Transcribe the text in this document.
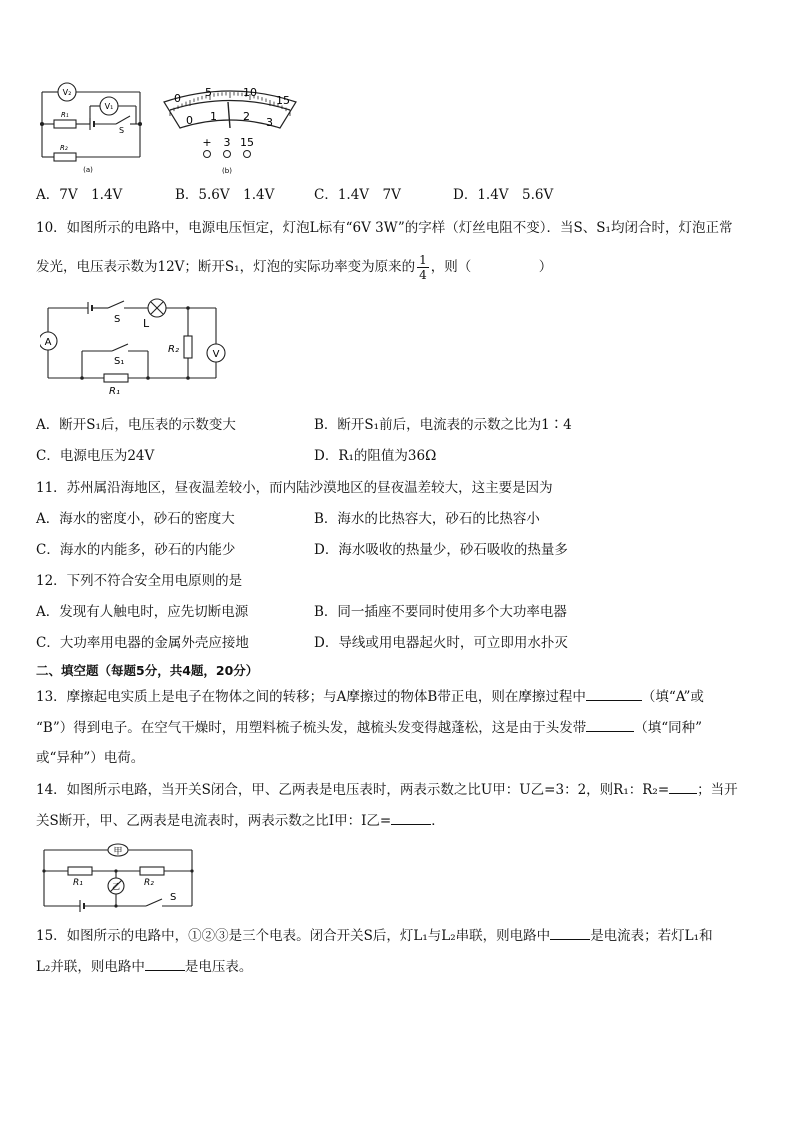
V₂
V₁
R₁
R₂
S
(a)
0 5	10
15
0 1 2 3
+ 3 15
(b)
A．7V　1.4V	B．5.6V　1.4V	C．1.4V　7V	D．1.4V　5.6V
10．如图所示的电路中，电源电压恒定，灯泡L标有“6V 3W”的字样（灯丝电阻不变）．当S、S₁均闭合时，灯泡正常
发光，电压表示数为12V；断开S₁，灯泡的实际功率变为原来的 $\frac{1}{4}$ ，则（　　　　　）
A
V
S L
S₁
R₁
R₂
A．断开S₁后，电压表的示数变大	B．断开S₁前后，电流表的示数之比为1∶4
C．电源电压为24V	D．R₁的阻值为36Ω
11．苏州属沿海地区，昼夜温差较小，而内陆沙漠地区的昼夜温差较大，这主要是因为
A．海水的密度小，砂石的密度大	B．海水的比热容大，砂石的比热容小
C．海水的内能多，砂石的内能少	D．海水吸收的热量少，砂石吸收的热量多
12．下列不符合安全用电原则的是
A．发现有人触电时，应先切断电源	B．同一插座不要同时使用多个大功率电器
C．大功率用电器的金属外壳应接地	D．导线或用电器起火时，可立即用水扑灭
二、填空题（每题5分，共4题，20分）
13．摩擦起电实质上是电子在物体之间的转移；与A摩擦过的物体B带正电，则在摩擦过程中	（填“A”或
“B”）得到电子。在空气干燥时，用塑料梳子梳头发，越梳头发变得越蓬松，这是由于头发带	（填“同种”
或“异种”）电荷。
14．如图所示电路，当开关S闭合，甲、乙两表是电压表时，两表示数之比U甲：U乙=3：2，则R₁：R₂= ；当开
关S断开，甲、乙两表是电流表时，两表示数之比I甲：I乙=	．
甲
乙
R₁	R₂
S
15．如图所示的电路中，①②③是三个电表。闭合开关S后，灯L₁与L₂串联，则电路中	是电流表；若灯L₁和
L₂并联，则电路中	是电压表。
